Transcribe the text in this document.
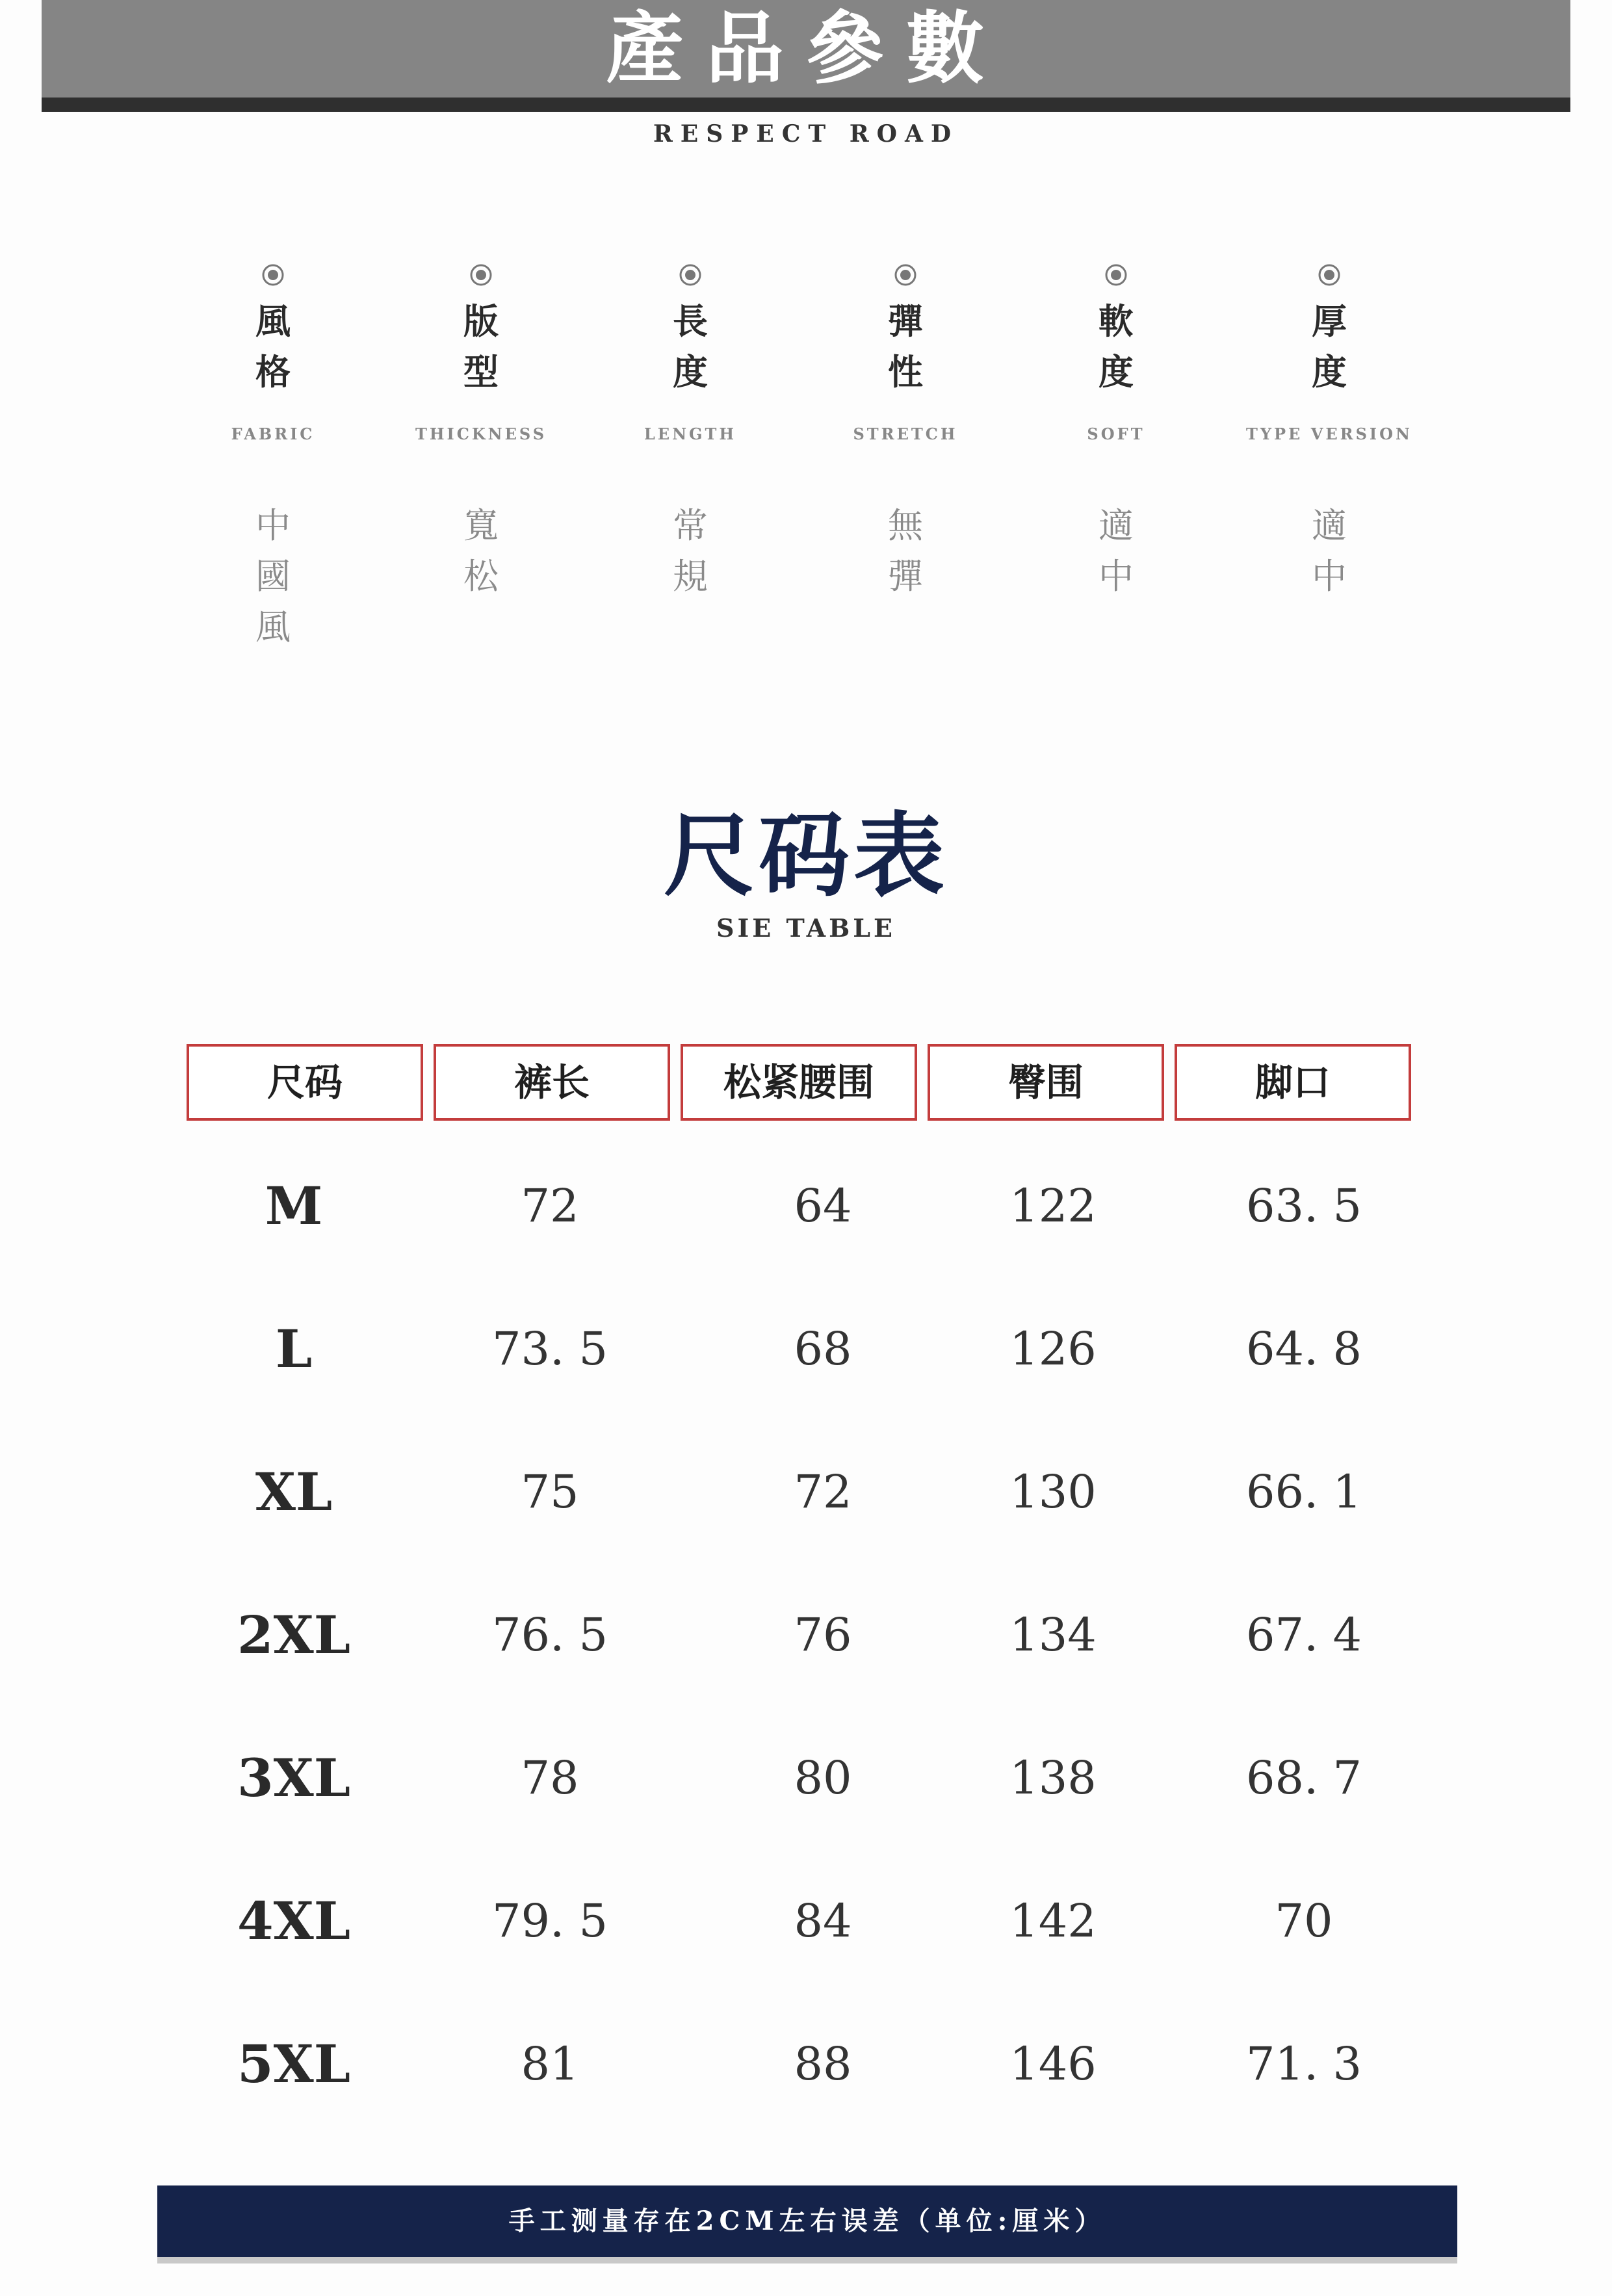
產品參數
RESPECT ROAD
風
格
FABRIC
中
國
風
版
型
THICKNESS
寬
松
長
度
LENGTH
常
規
彈
性
STRETCH
無
彈
軟
度
SOFT
適
中
厚
度
TYPE VERSION
適
中
尺码表
SIE TABLE
尺码	裤长	松紧腰围	臀围	脚口
M	72	64	122	63. 5
L	73. 5	68	126	64. 8
XL	75	72	130	66. 1
2XL	76. 5	76	134	67. 4
3XL	78	80	138	68. 7
4XL	79. 5	84	142	70
5XL	81	88	146	71. 3
手工测量存在2CM左右误差（单位:厘米）
